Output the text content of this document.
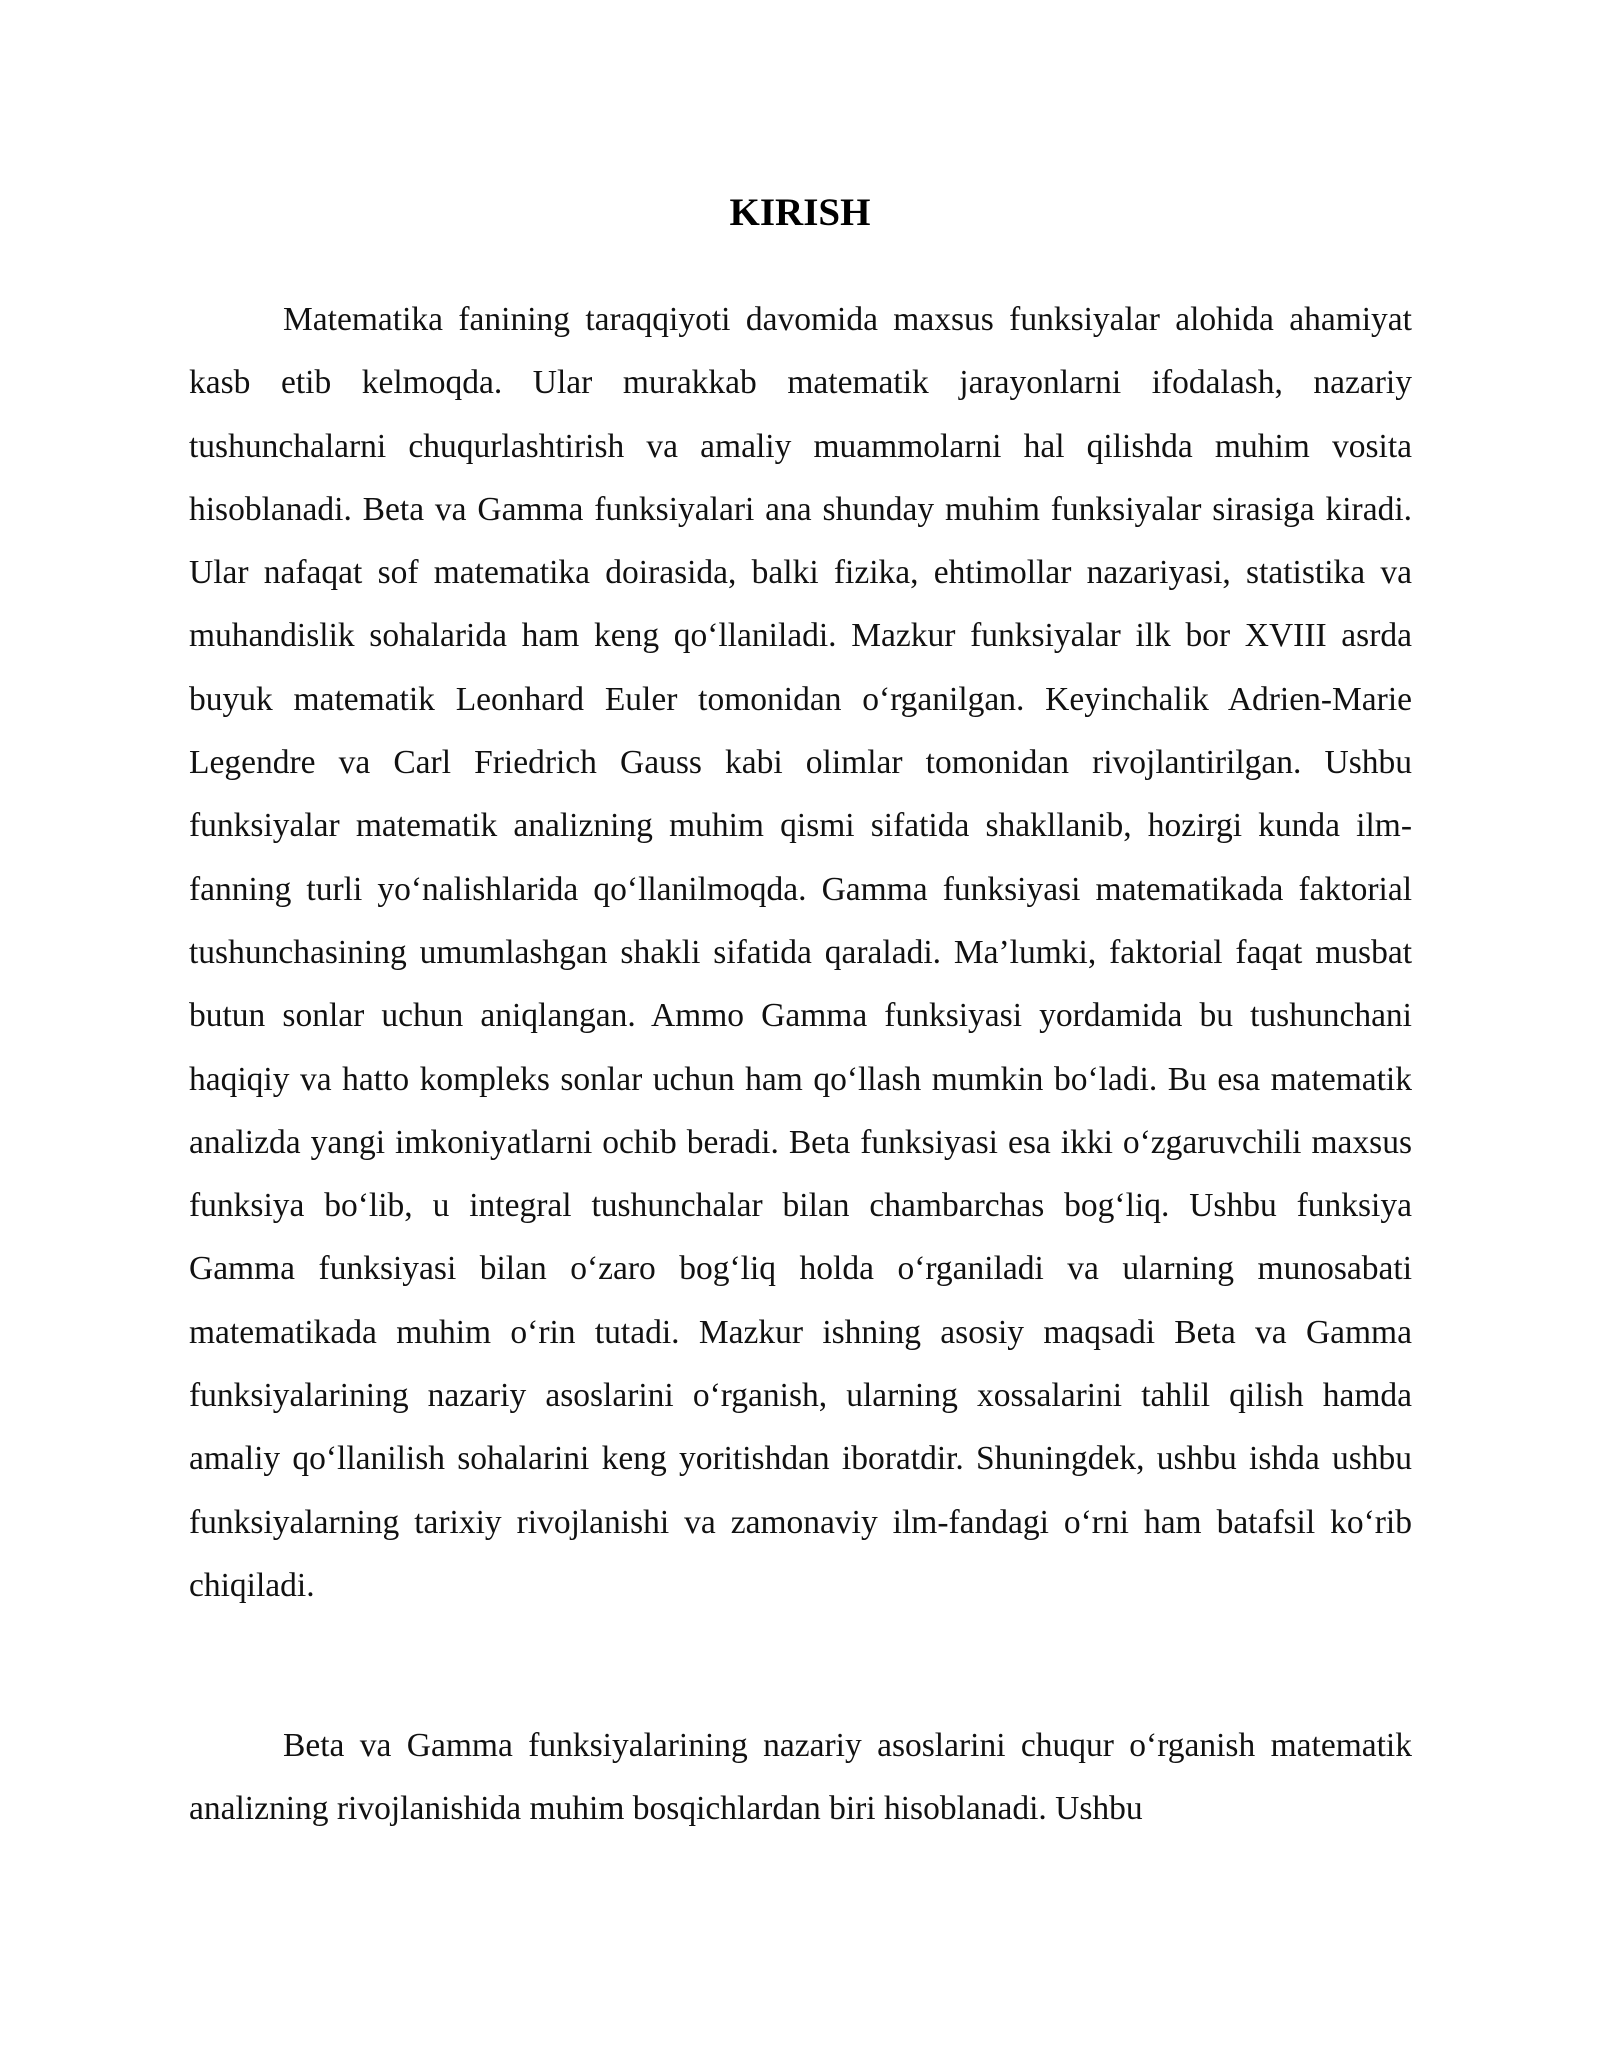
KIRISH

Matematika fanining taraqqiyoti davomida maxsus funksiyalar alohida ahamiyat kasb etib kelmoqda. Ular murakkab matematik jarayonlarni ifodalash, nazariy tushunchalarni chuqurlashtirish va amaliy muammolarni hal qilishda muhim vosita hisoblanadi. Beta va Gamma funksiyalari ana shunday muhim funksiyalar sirasiga kiradi. Ular nafaqat sof matematika doirasida, balki fizika, ehtimollar nazariyasi, statistika va muhandislik sohalarida ham keng qo‘llaniladi. Mazkur funksiyalar ilk bor XVIII asrda buyuk matematik Leonhard Euler tomonidan o‘rganilgan. Keyinchalik Adrien-Marie Legendre va Carl Friedrich Gauss kabi olimlar tomonidan rivojlantirilgan. Ushbu funksiyalar matematik analizning muhim qismi sifatida shakllanib, hozirgi kunda ilm-fanning turli yo‘nalishlarida qo‘llanilmoqda. Gamma funksiyasi matematikada faktorial tushunchasining umumlashgan shakli sifatida qaraladi. Ma’lumki, faktorial faqat musbat butun sonlar uchun aniqlangan. Ammo Gamma funksiyasi yordamida bu tushunchani haqiqiy va hatto kompleks sonlar uchun ham qo‘llash mumkin bo‘ladi. Bu esa matematik analizda yangi imkoniyatlarni ochib beradi. Beta funksiyasi esa ikki o‘zgaruvchili maxsus funksiya bo‘lib, u integral tushunchalar bilan chambarchas bog‘liq. Ushbu funksiya Gamma funksiyasi bilan o‘zaro bog‘liq holda o‘rganiladi va ularning munosabati matematikada muhim o‘rin tutadi. Mazkur ishning asosiy maqsadi Beta va Gamma funksiyalarining nazariy asoslarini o‘rganish, ularning xossalarini tahlil qilish hamda amaliy qo‘llanilish sohalarini keng yoritishdan iboratdir. Shuningdek, ushbu ishda ushbu funksiyalarning tarixiy rivojlanishi va zamonaviy ilm-fandagi o‘rni ham batafsil ko‘rib chiqiladi.

Beta va Gamma funksiyalarining nazariy asoslarini chuqur o‘rganish matematik analizning rivojlanishida muhim bosqichlardan biri hisoblanadi. Ushbu
